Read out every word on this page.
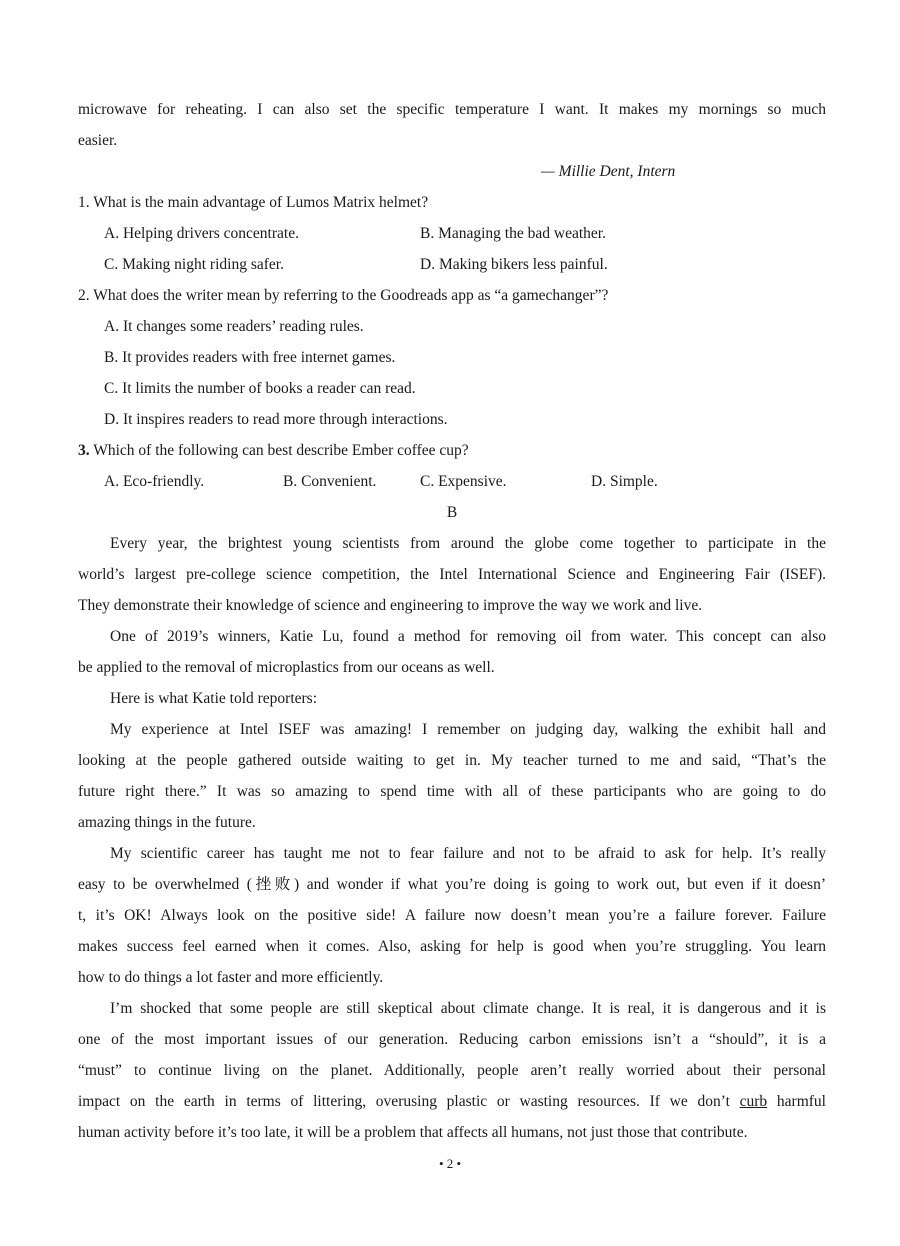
microwave for reheating. I can also set the specific temperature I want. It makes my mornings so much
easier.
— Millie Dent, Intern
1. What is the main advantage of Lumos Matrix helmet?
A. Helping drivers concentrate.	B. Managing the bad weather.
C. Making night riding safer.	D. Making bikers less painful.
2. What does the writer mean by referring to the Goodreads app as “a gamechanger”?
A. It changes some readers’ reading rules.
B. It provides readers with free internet games.
C. It limits the number of books a reader can read.
D. It inspires readers to read more through interactions.
3. Which of the following can best describe Ember coffee cup?
A. Eco-friendly.	B. Convenient.	C. Expensive.	D. Simple.
B
Every year, the brightest young scientists from around the globe come together to participate in the
world’s largest pre-college science competition, the Intel International Science and Engineering Fair (ISEF).
They demonstrate their knowledge of science and engineering to improve the way we work and live.
One of 2019’s winners, Katie Lu, found a method for removing oil from water. This concept can also
be applied to the removal of microplastics from our oceans as well.
Here is what Katie told reporters:
My experience at Intel ISEF was amazing! I remember on judging day, walking the exhibit hall and
looking at the people gathered outside waiting to get in. My teacher turned to me and said, “That’s the
future right there.” It was so amazing to spend time with all of these participants who are going to do
amazing things in the future.
My scientific career has taught me not to fear failure and not to be afraid to ask for help. It’s really
easy to be overwhelmed (挫败) and wonder if what you’re doing is going to work out, but even if it doesn’
t, it’s OK! Always look on the positive side! A failure now doesn’t mean you’re a failure forever. Failure
makes success feel earned when it comes. Also, asking for help is good when you’re struggling. You learn
how to do things a lot faster and more efficiently.
I’m shocked that some people are still skeptical about climate change. It is real, it is dangerous and it is
one of the most important issues of our generation. Reducing carbon emissions isn’t a “should”, it is a
“must” to continue living on the planet. Additionally, people aren’t really worried about their personal
impact on the earth in terms of littering, overusing plastic or wasting resources. If we don’t curb harmful
human activity before it’s too late, it will be a problem that affects all humans, not just those that contribute.
• 2 •
